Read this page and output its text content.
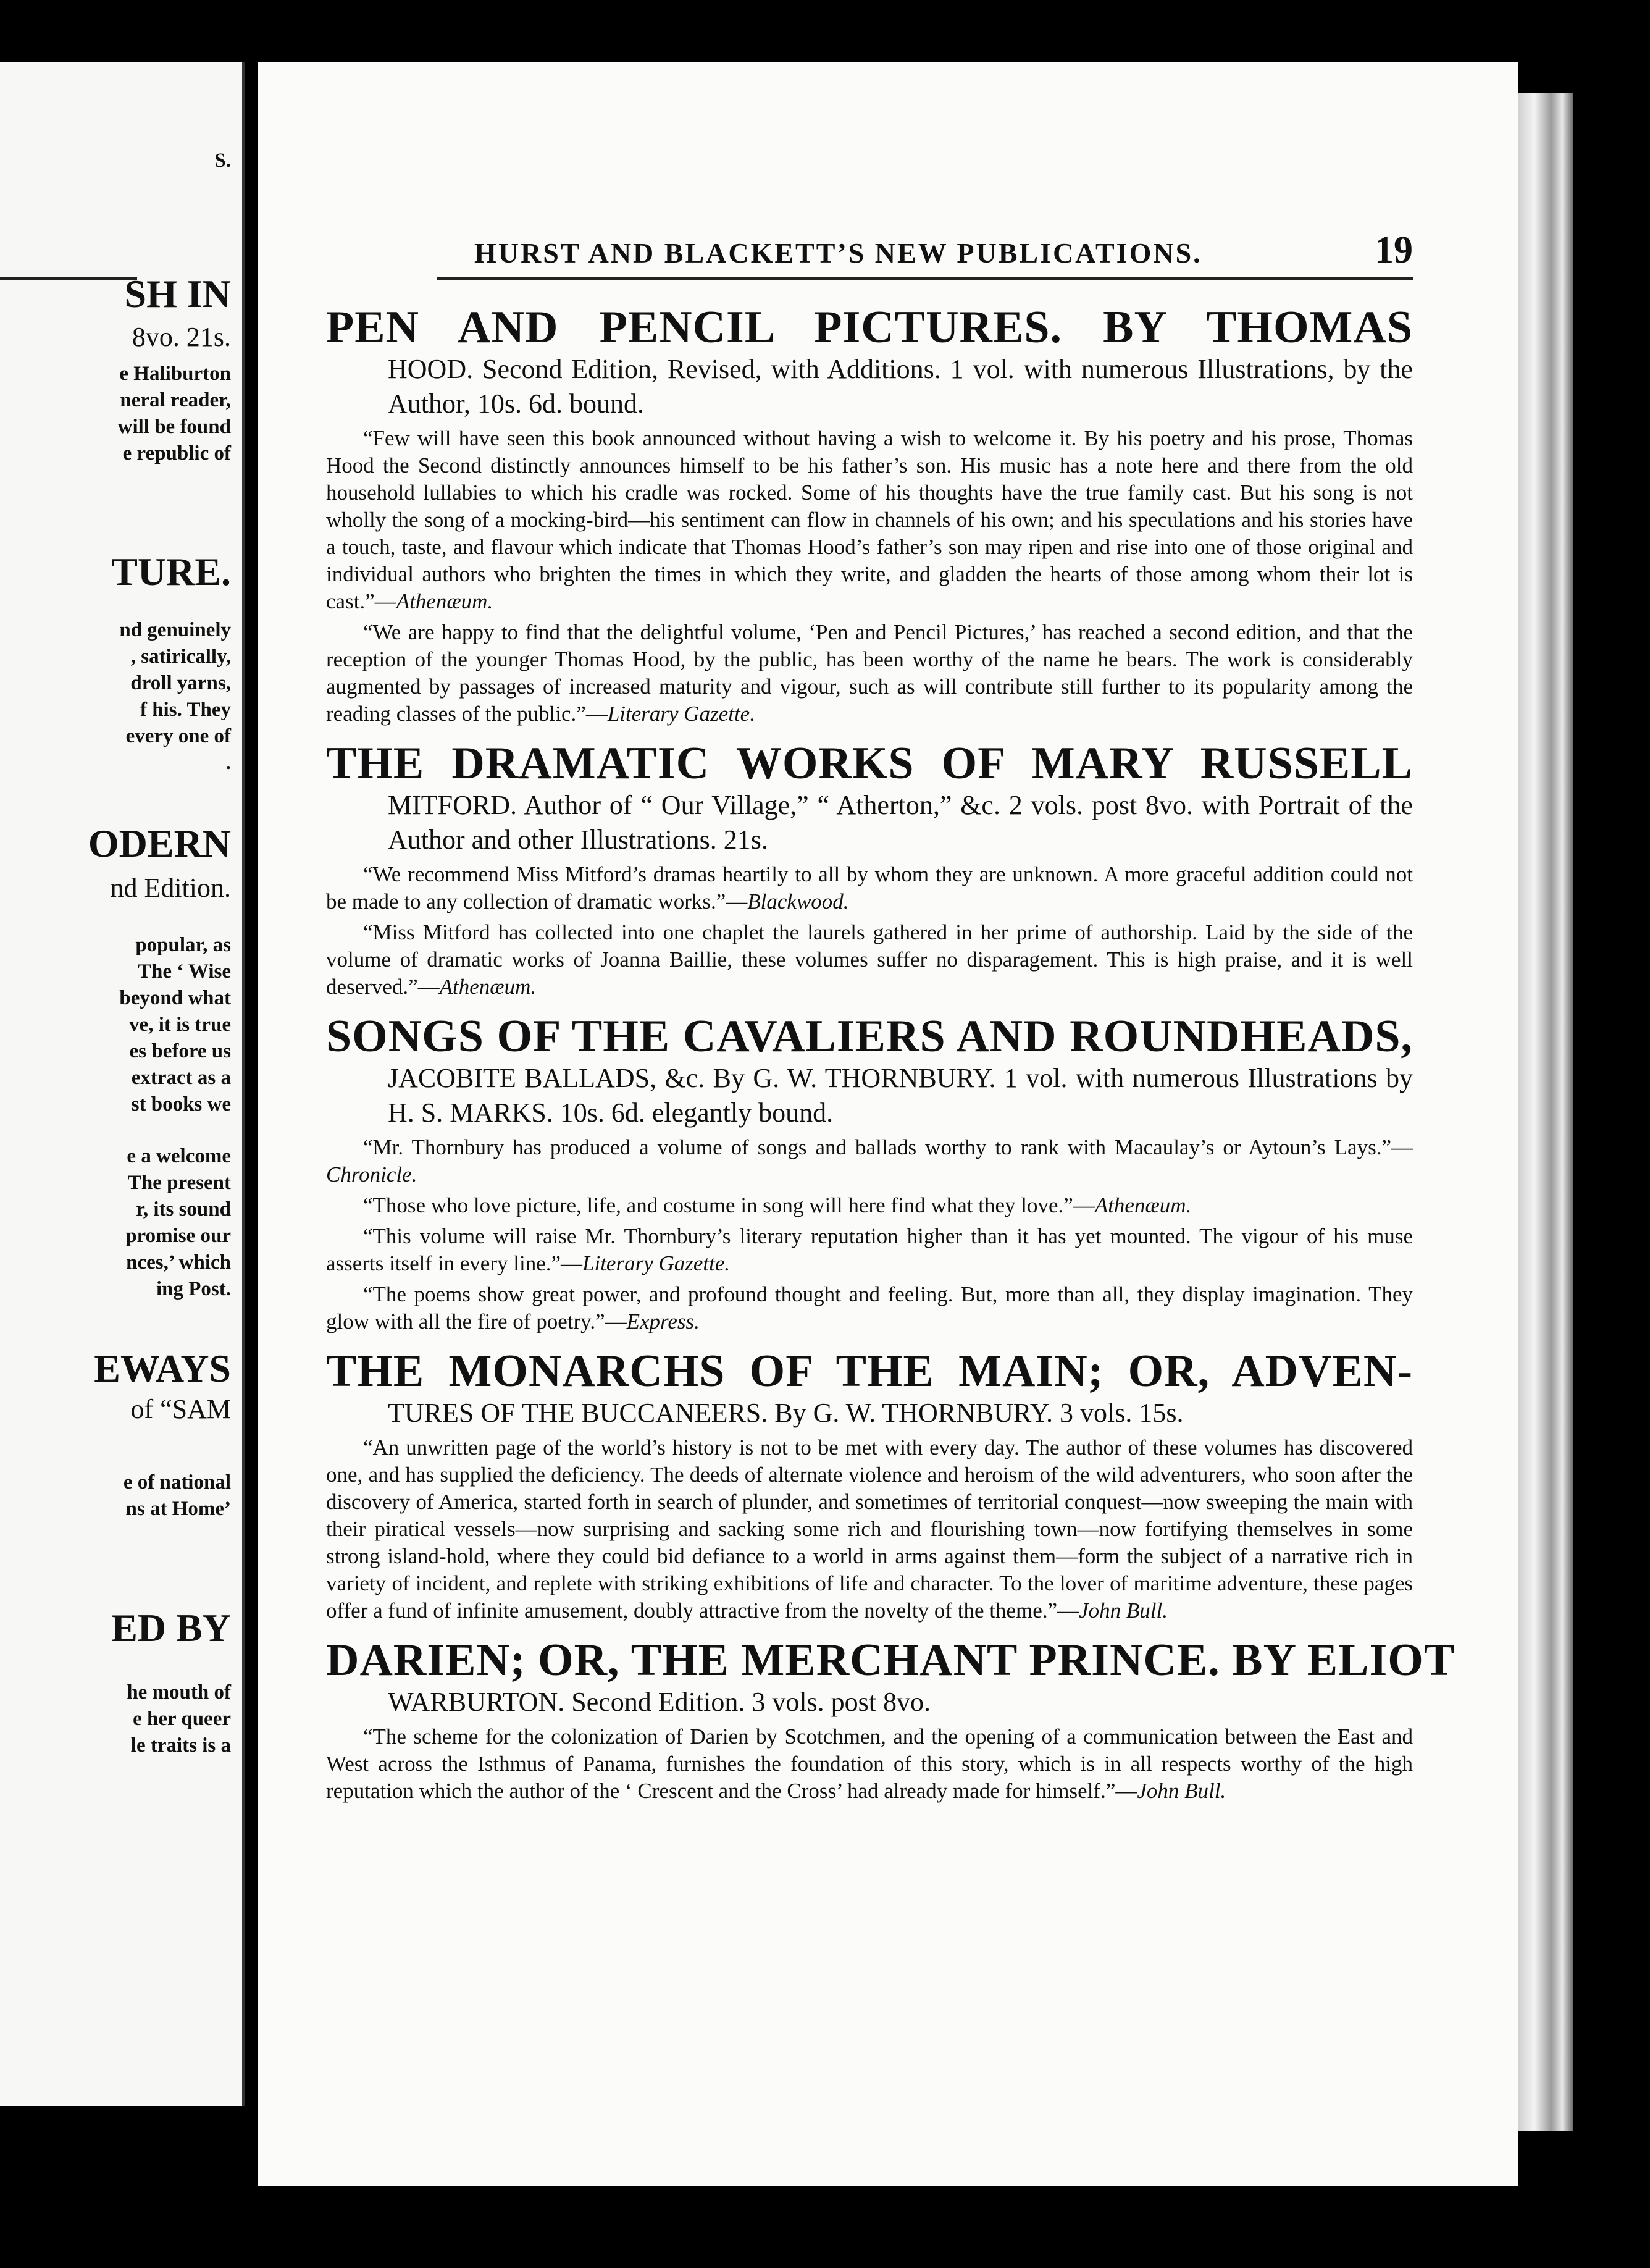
S.
SH IN
8vo. 21s.
e Haliburton
neral reader,
will be found
e republic of
TURE.
nd genuinely
, satirically,
droll yarns,
f his. They
every one of
.
ODERN
nd Edition.
popular, as
The ‘ Wise
beyond what
ve, it is true
es before us
extract as a
st books we
e a welcome
The present
r, its sound
promise our
nces,’ which
ing Post.
EWAYS
of “SAM
e of national
ns at Home’
ED BY
he mouth of
e her queer
le traits is a
HURST AND BLACKETT’S NEW PUBLICATIONS.	19
PEN AND PENCIL PICTURES. BY THOMAS
HOOD. Second Edition, Revised, with Additions. 1 vol. with numerous Illustrations, by the Author, 10s. 6d. bound.
“Few will have seen this book announced without having a wish to welcome it. By his poetry and his prose, Thomas Hood the Second distinctly announces himself to be his father’s son. His music has a note here and there from the old household lullabies to which his cradle was rocked. Some of his thoughts have the true family cast. But his song is not wholly the song of a mocking-bird—his sentiment can flow in channels of his own; and his speculations and his stories have a touch, taste, and flavour which indicate that Thomas Hood’s father’s son may ripen and rise into one of those original and individual authors who brighten the times in which they write, and gladden the hearts of those among whom their lot is cast.”—Athenæum.
“We are happy to find that the delightful volume, ‘Pen and Pencil Pictures,’ has reached a second edition, and that the reception of the younger Thomas Hood, by the public, has been worthy of the name he bears. The work is considerably augmented by passages of increased maturity and vigour, such as will contribute still further to its popularity among the reading classes of the public.”—Literary Gazette.
THE DRAMATIC WORKS OF MARY RUSSELL
MITFORD. Author of “ Our Village,” “ Atherton,” &c. 2 vols. post 8vo. with Portrait of the Author and other Illustrations. 21s.
“We recommend Miss Mitford’s dramas heartily to all by whom they are unknown. A more graceful addition could not be made to any collection of dramatic works.”—Blackwood.
“Miss Mitford has collected into one chaplet the laurels gathered in her prime of authorship. Laid by the side of the volume of dramatic works of Joanna Baillie, these volumes suffer no disparagement. This is high praise, and it is well deserved.”—Athenæum.
SONGS OF THE CAVALIERS AND ROUNDHEADS,
JACOBITE BALLADS, &c. By G. W. THORNBURY. 1 vol. with numerous Illustrations by H. S. MARKS. 10s. 6d. elegantly bound.
“Mr. Thornbury has produced a volume of songs and ballads worthy to rank with Macaulay’s or Aytoun’s Lays.”—Chronicle.
“Those who love picture, life, and costume in song will here find what they love.”—Athenæum.
“This volume will raise Mr. Thornbury’s literary reputation higher than it has yet mounted. The vigour of his muse asserts itself in every line.”—Literary Gazette.
“The poems show great power, and profound thought and feeling. But, more than all, they display imagination. They glow with all the fire of poetry.”—Express.
THE MONARCHS OF THE MAIN; OR, ADVEN-
TURES OF THE BUCCANEERS. By G. W. THORNBURY. 3 vols. 15s.
“An unwritten page of the world’s history is not to be met with every day. The author of these volumes has discovered one, and has supplied the deficiency. The deeds of alternate violence and heroism of the wild adventurers, who soon after the discovery of America, started forth in search of plunder, and sometimes of territorial conquest—now sweeping the main with their piratical vessels—now surprising and sacking some rich and flourishing town—now fortifying themselves in some strong island-hold, where they could bid defiance to a world in arms against them—form the subject of a narrative rich in variety of incident, and replete with striking exhibitions of life and character. To the lover of maritime adventure, these pages offer a fund of infinite amusement, doubly attractive from the novelty of the theme.”—John Bull.
DARIEN; OR, THE MERCHANT PRINCE. BY ELIOT
WARBURTON. Second Edition. 3 vols. post 8vo.
“The scheme for the colonization of Darien by Scotchmen, and the opening of a communication between the East and West across the Isthmus of Panama, furnishes the foundation of this story, which is in all respects worthy of the high reputation which the author of the ‘ Crescent and the Cross’ had already made for himself.”—John Bull.
